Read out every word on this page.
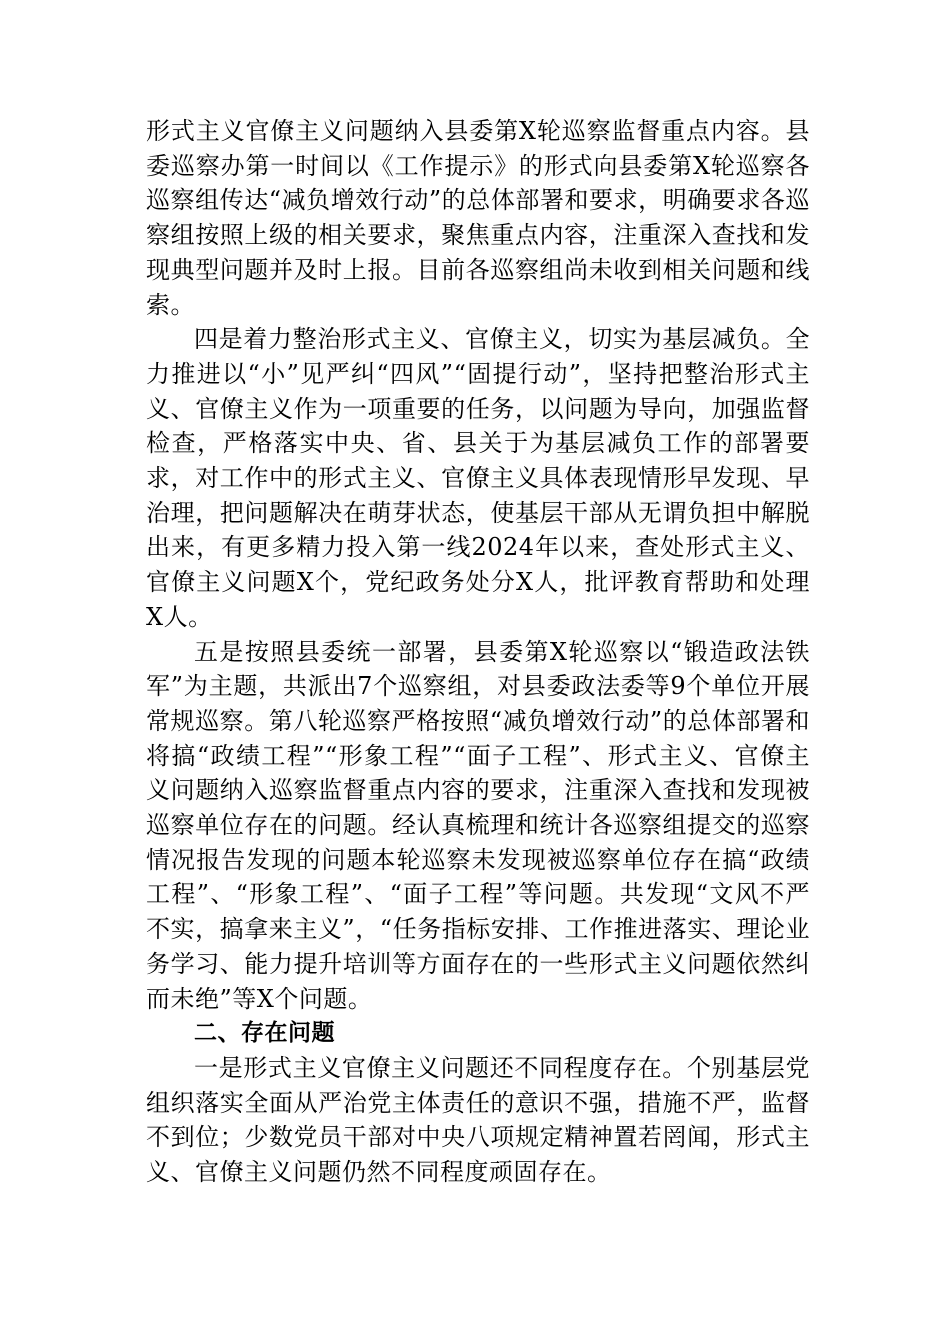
形式主义官僚主义问题纳入县委第X轮巡察监督重点内容。县委巡察办第一时间以《工作提示》的形式向县委第X轮巡察各巡察组传达“减负增效行动”的总体部署和要求，明确要求各巡察组按照上级的相关要求，聚焦重点内容，注重深入查找和发现典型问题并及时上报。目前各巡察组尚未收到相关问题和线索。

四是着力整治形式主义、官僚主义，切实为基层减负。全力推进以“小”见严纠“四风”“固提行动”，坚持把整治形式主义、官僚主义作为一项重要的任务，以问题为导向，加强监督检查，严格落实中央、省、县关于为基层减负工作的部署要求，对工作中的形式主义、官僚主义具体表现情形早发现、早治理，把问题解决在萌芽状态，使基层干部从无谓负担中解脱出来，有更多精力投入第一线2024年以来，查处形式主义、官僚主义问题X个，党纪政务处分X人，批评教育帮助和处理X人。

五是按照县委统一部署，县委第X轮巡察以“锻造政法铁军”为主题，共派出7个巡察组，对县委政法委等9个单位开展常规巡察。第八轮巡察严格按照“减负增效行动”的总体部署和将搞“政绩工程”“形象工程”“面子工程”、形式主义、官僚主义问题纳入巡察监督重点内容的要求，注重深入查找和发现被巡察单位存在的问题。经认真梳理和统计各巡察组提交的巡察情况报告发现的问题本轮巡察未发现被巡察单位存在搞“政绩工程”、“形象工程”、“面子工程”等问题。共发现“文风不严不实，搞拿来主义”，“任务指标安排、工作推进落实、理论业务学习、能力提升培训等方面存在的一些形式主义问题依然纠而未绝”等X个问题。

二、存在问题

一是形式主义官僚主义问题还不同程度存在。个别基层党组织落实全面从严治党主体责任的意识不强，措施不严，监督不到位；少数党员干部对中央八项规定精神置若罔闻，形式主义、官僚主义问题仍然不同程度顽固存在。
